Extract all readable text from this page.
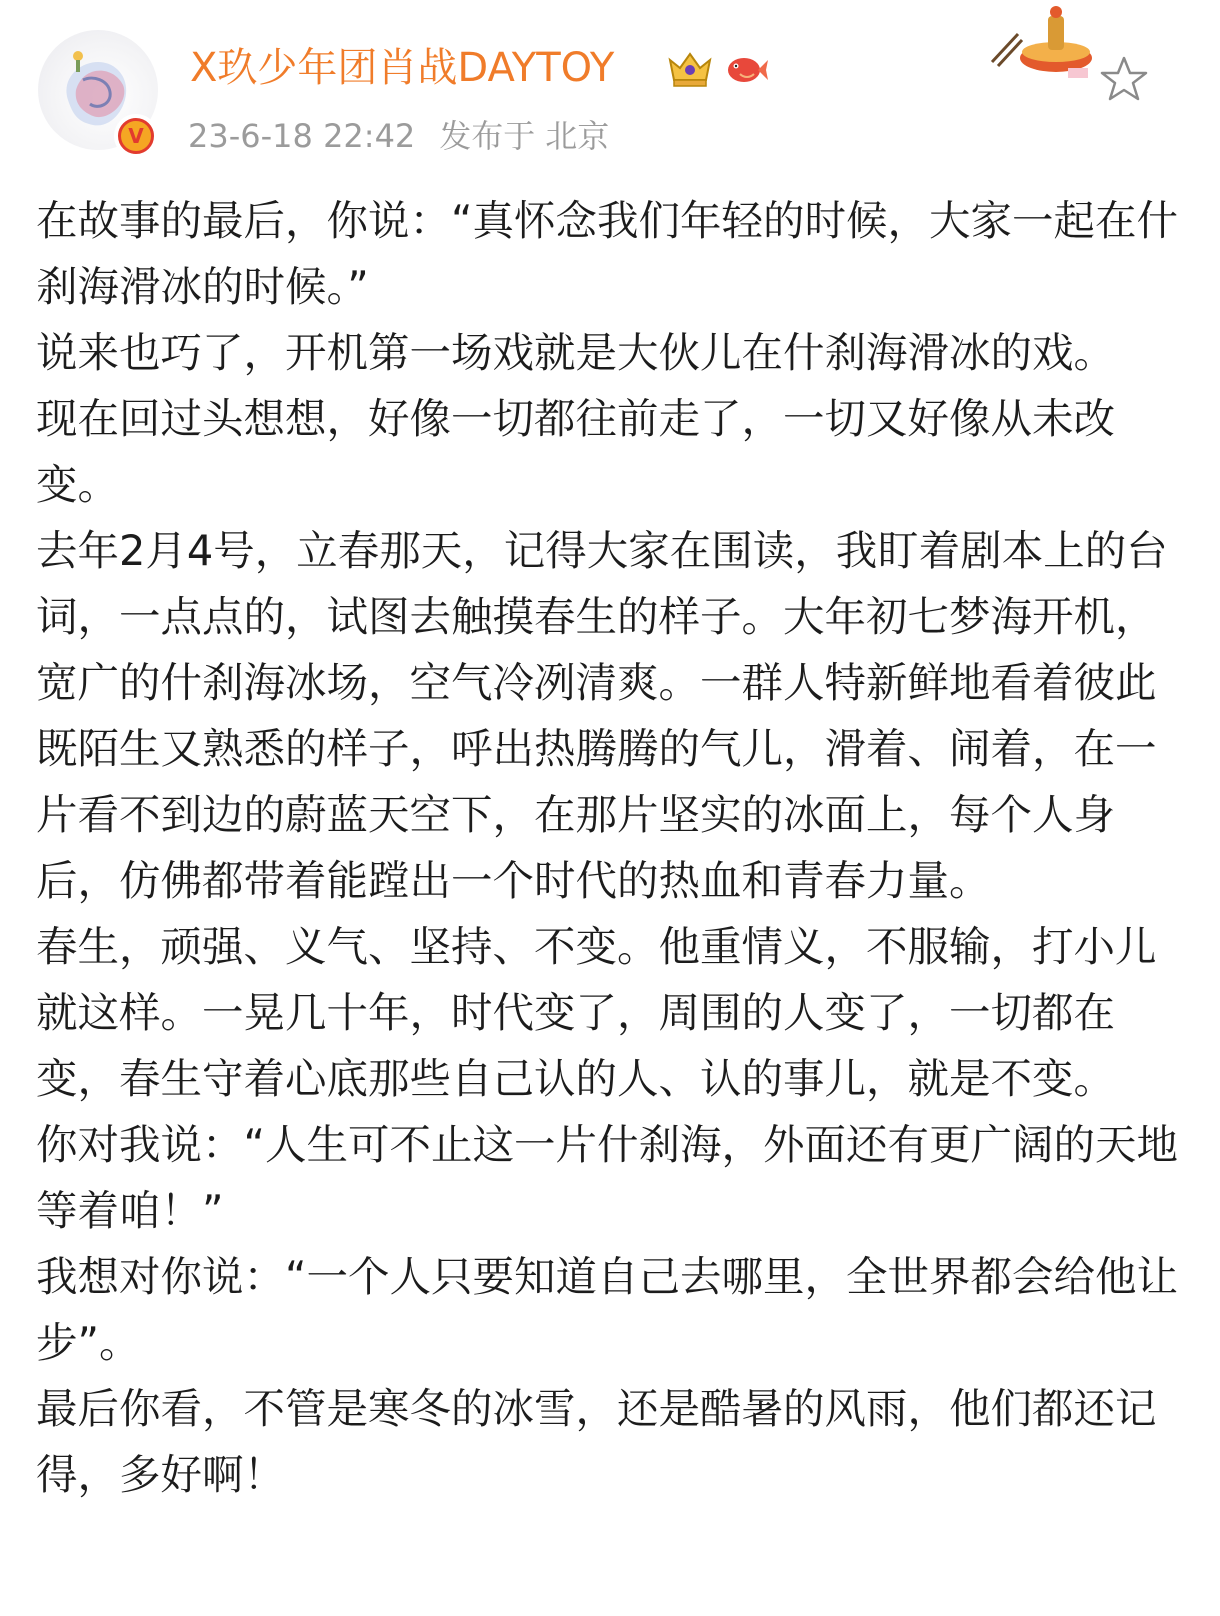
V
X玖少年团肖战DAYTOY
23-6-18 22:42 发布于 北京

在故事的最后，你说：“真怀念我们年轻的时候，大家一起在什刹海滑冰的时候。”

说来也巧了，开机第一场戏就是大伙儿在什刹海滑冰的戏。

现在回过头想想，好像一切都往前走了，一切又好像从未改变。

去年2月4号，立春那天，记得大家在围读，我盯着剧本上的台词，一点点的，试图去触摸春生的样子。大年初七梦海开机，宽广的什刹海冰场，空气冷冽清爽。一群人特新鲜地看着彼此既陌生又熟悉的样子，呼出热腾腾的气儿，滑着、闹着，在一片看不到边的蔚蓝天空下，在那片坚实的冰面上，每个人身后，仿佛都带着能蹚出一个时代的热血和青春力量。

春生，顽强、义气、坚持、不变。他重情义，不服输，打小儿就这样。一晃几十年，时代变了，周围的人变了，一切都在变，春生守着心底那些自己认的人、认的事儿，就是不变。

你对我说：“人生可不止这一片什刹海，外面还有更广阔的天地等着咱！”

我想对你说：“一个人只要知道自己去哪里，全世界都会给他让步”。

最后你看，不管是寒冬的冰雪，还是酷暑的风雨，他们都还记得，多好啊！
